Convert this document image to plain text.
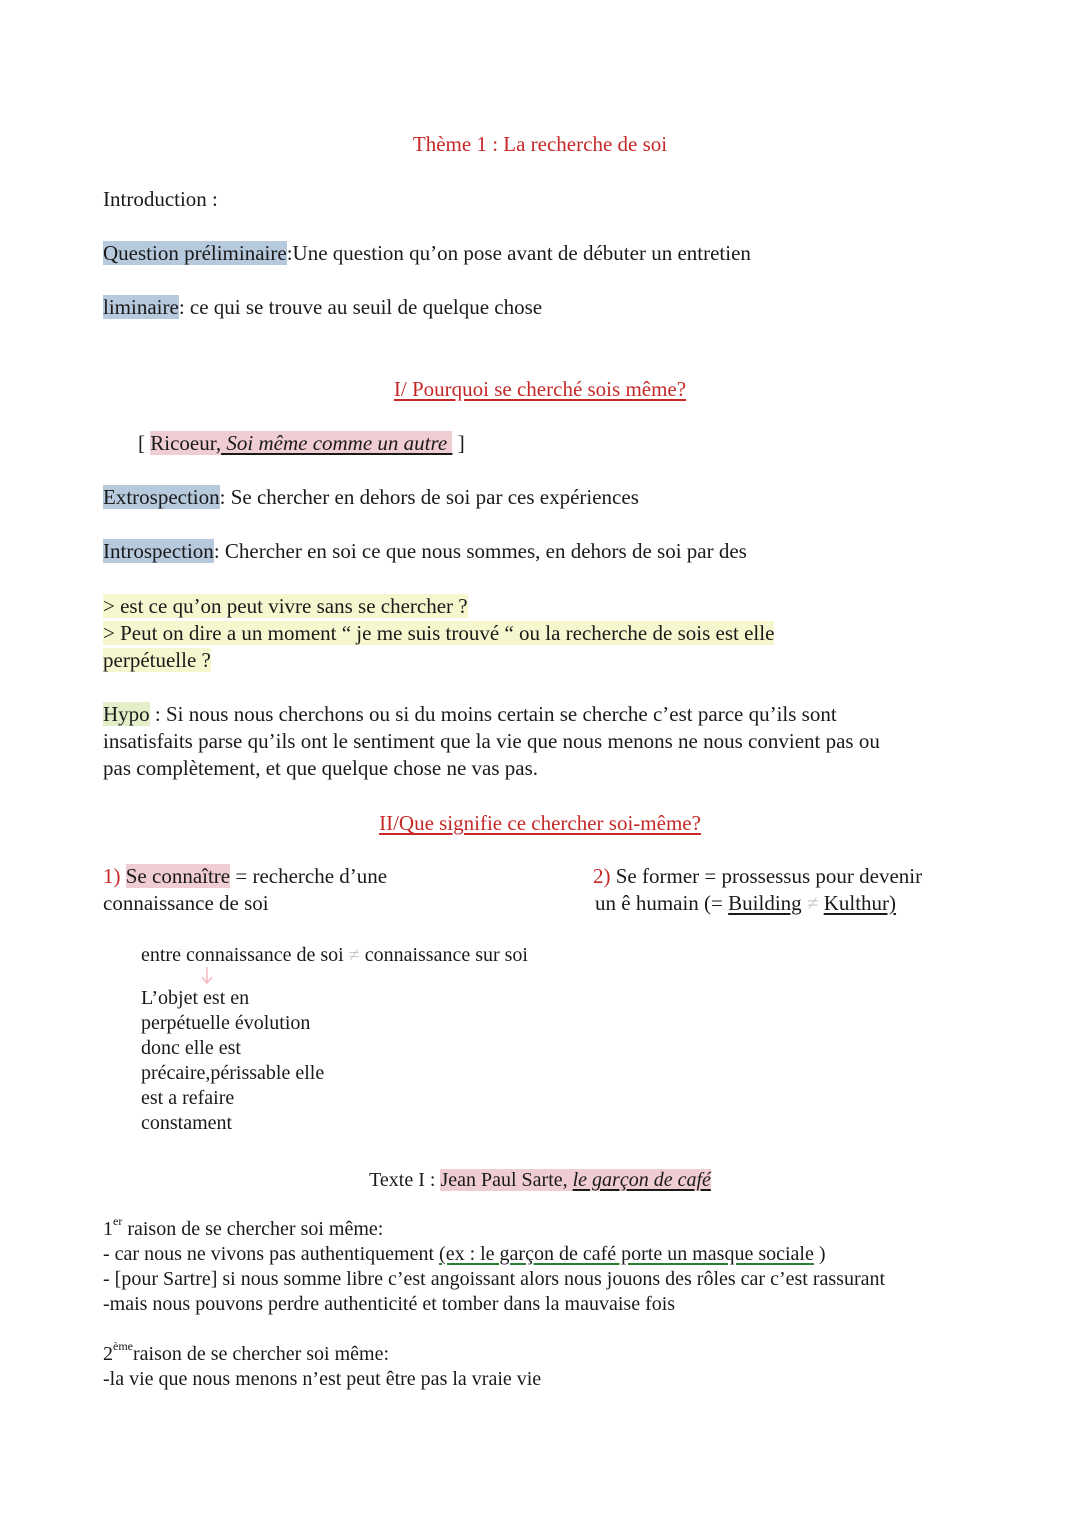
Thème 1 : La recherche de soi
Introduction :
Question préliminaire:Une question qu’on pose avant de débuter un entretien
liminaire: ce qui se trouve au seuil de quelque chose
I/ Pourquoi se cherché sois même?
[ Ricoeur, Soi même comme un autre  ]
Extrospection: Se chercher en dehors de soi par ces expériences
Introspection: Chercher en soi ce que nous sommes, en dehors de soi par des
> est ce qu’on peut vivre sans se chercher ?
> Peut on dire a un moment “ je me suis trouvé “ ou la recherche de sois est elle
perpétuelle ?
Hypo : Si nous nous cherchons ou si du moins certain se cherche c’est parce qu’ils sont
insatisfaits parse qu’ils ont le sentiment que la vie que nous menons ne nous convient pas ou
pas complètement, et que quelque chose ne vas pas.
II/Que signifie ce chercher soi-même?
1) Se connaître = recherche d’une
connaissance de soi
2) Se former = prossessus pour devenir
un ê humain (= Building ≠ Kulthur)
entre connaissance de soi ≠ connaissance sur soi
L’objet est en
perpétuelle évolution
donc elle est
précaire,périssable elle
est a refaire
constament
Texte I : Jean Paul Sarte, le garçon de café
1er raison de se chercher soi même:
- car nous ne vivons pas authentiquement (ex : le garçon de café porte un masque sociale )
- [pour Sartre] si nous somme libre c’est angoissant alors nous jouons des rôles car c’est rassurant
-mais nous pouvons perdre authenticité et tomber dans la mauvaise fois
2èmeraison de se chercher soi même:
-la vie que nous menons n’est peut être pas la vraie vie
